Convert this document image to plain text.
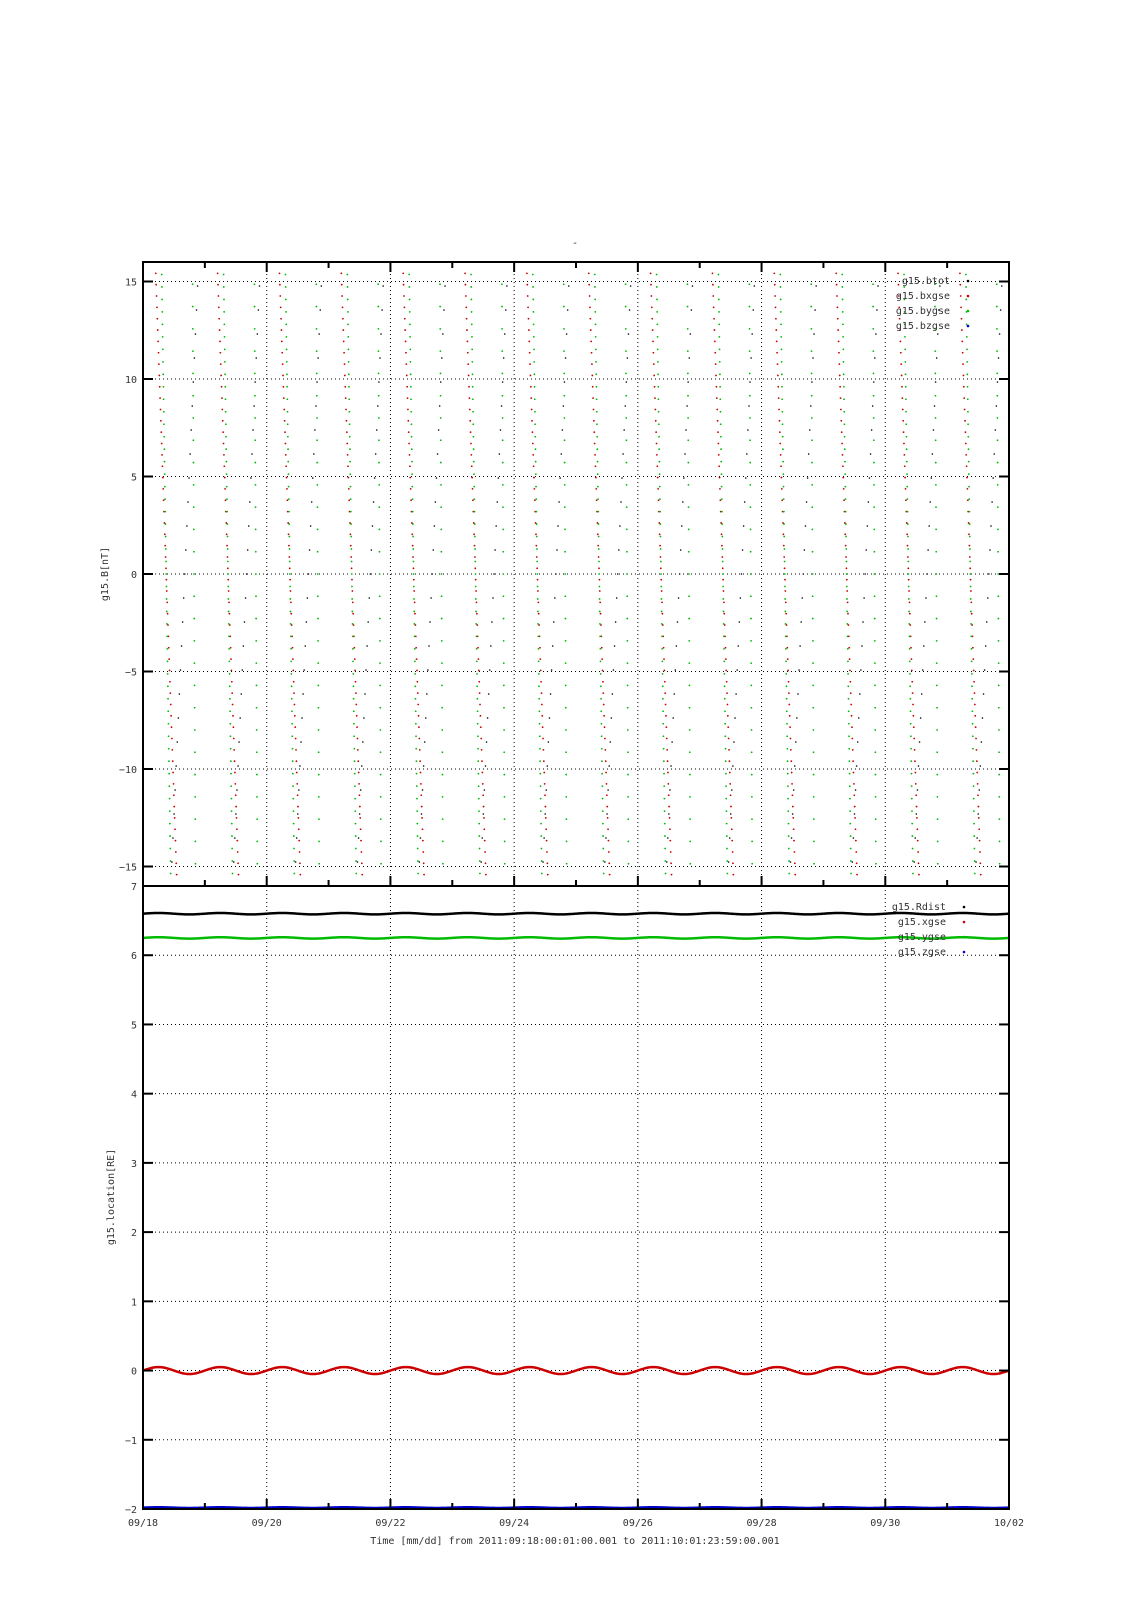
-
−15
−10
−5
0
5
10
15	g15.btot
g15.bxgse
g15.bygse
g15.bzgse
g15.B[nT]
−2
−1
0
1
2
3
4
5
6
7
g15.Rdist
g15.xgse
g15.ygse
g15.zgse
g15.location[RE]
09/18	09/20	09/22	09/24	09/26	09/28	09/30	10/02
Time [mm/dd] from 2011:09:18:00:01:00.001 to 2011:10:01:23:59:00.001
